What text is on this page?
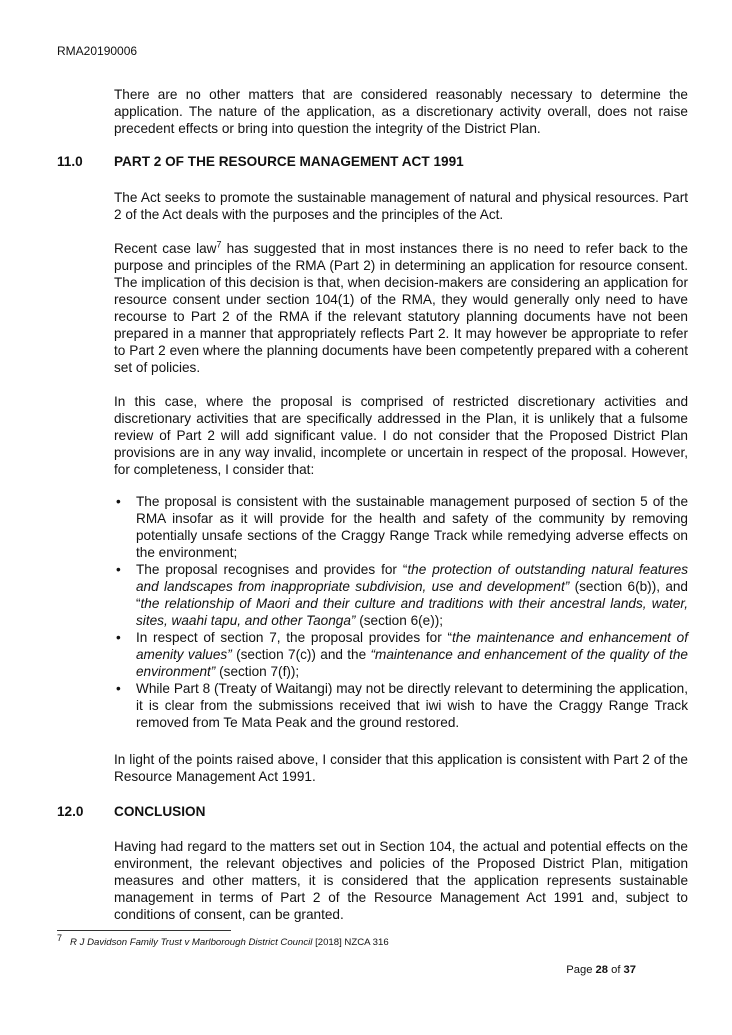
RMA20190006

There are no other matters that are considered reasonably necessary to determine the application. The nature of the application, as a discretionary activity overall, does not raise precedent effects or bring into question the integrity of the District Plan.

11.0 PART 2 OF THE RESOURCE MANAGEMENT ACT 1991

The Act seeks to promote the sustainable management of natural and physical resources. Part 2 of the Act deals with the purposes and the principles of the Act.

Recent case law$^7$ has suggested that in most instances there is no need to refer back to the purpose and principles of the RMA (Part 2) in determining an application for resource consent. The implication of this decision is that, when decision-makers are considering an application for resource consent under section 104(1) of the RMA, they would generally only need to have recourse to Part 2 of the RMA if the relevant statutory planning documents have not been prepared in a manner that appropriately reflects Part 2. It may however be appropriate to refer to Part 2 even where the planning documents have been competently prepared with a coherent set of policies.

In this case, where the proposal is comprised of restricted discretionary activities and discretionary activities that are specifically addressed in the Plan, it is unlikely that a fulsome review of Part 2 will add significant value. I do not consider that the Proposed District Plan provisions are in any way invalid, incomplete or uncertain in respect of the proposal. However, for completeness, I consider that:

• The proposal is consistent with the sustainable management purposed of section 5 of the RMA insofar as it will provide for the health and safety of the community by removing potentially unsafe sections of the Craggy Range Track while remedying adverse effects on the environment;
• The proposal recognises and provides for “the protection of outstanding natural features and landscapes from inappropriate subdivision, use and development” (section 6(b)), and “the relationship of Maori and their culture and traditions with their ancestral lands, water, sites, waahi tapu, and other Taonga” (section 6(e));
• In respect of section 7, the proposal provides for “the maintenance and enhancement of amenity values” (section 7(c)) and the “maintenance and enhancement of the quality of the environment” (section 7(f));
• While Part 8 (Treaty of Waitangi) may not be directly relevant to determining the application, it is clear from the submissions received that iwi wish to have the Craggy Range Track removed from Te Mata Peak and the ground restored.

In light of the points raised above, I consider that this application is consistent with Part 2 of the Resource Management Act 1991.

12.0 CONCLUSION

Having had regard to the matters set out in Section 104, the actual and potential effects on the environment, the relevant objectives and policies of the Proposed District Plan, mitigation measures and other matters, it is considered that the application represents sustainable management in terms of Part 2 of the Resource Management Act 1991 and, subject to conditions of consent, can be granted.

$^7$ R J Davidson Family Trust v Marlborough District Council [2018] NZCA 316
Page 28 of 37
